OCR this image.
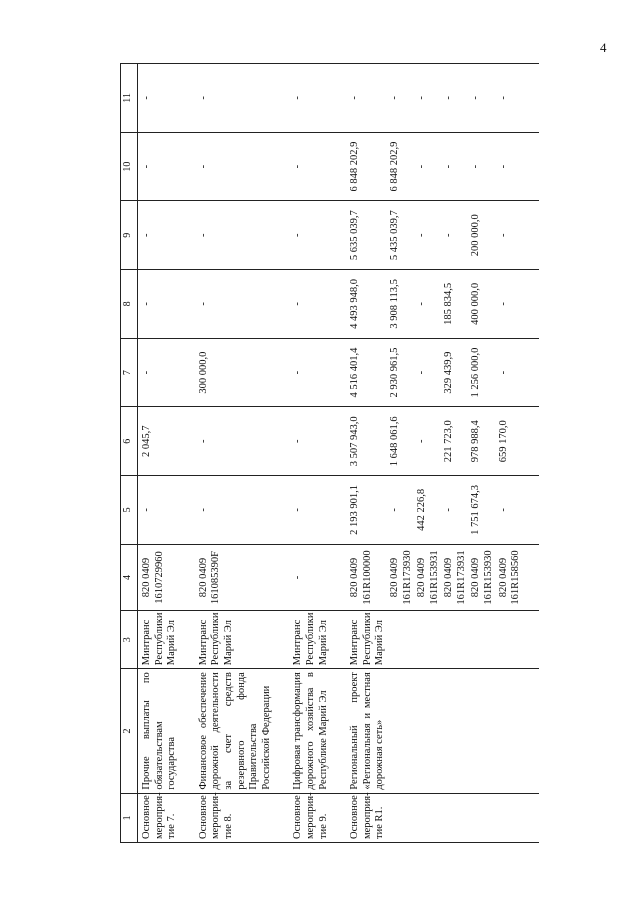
4
1	2	3	4	5	6	7	8	9	10	11
Основное мероприя-тие 7.	Прочие выплаты по обязательствам государства	Минтранс Республики Марий Эл	820 0409 1610729960	-	2 045,7	-	-	-	-	-
Основное мероприя-тие 8.	Финансовое обеспечение дорожной деятельности за счет средств резервного фонда Правительства Российской Федерации	Минтранс Республики Марий Эл	820 0409 161085390F	-	-	300 000,0	-	-	-	-
Основное мероприя-тие 9.	Цифровая трансформация дорожного хозяйства в Республике Марий Эл	Минтранс Республики Марий Эл	-	-	-	-	-	-	-	-
Основное мероприя-тие R1.	Региональный проект «Региональная и местная дорожная сеть»	Минтранс Республики Марий Эл	820 0409 161R100000	2 193 901,1	3 507 943,0	4 516 401,4	4 493 948,0	5 635 039,7	6 848 202,9	-
			820 0409 161R173930	-	1 648 061,6	2 930 961,5	3 908 113,5	5 435 039,7	6 848 202,9	-
			820 0409 161R153931	442 226,8	-	-	-	-	-	-
			820 0409 161R173931	-	221 723,0	329 439,9	185 834,5	-	-	-
			820 0409 161R153930	1 751 674,3	978 988,4	1 256 000,0	400 000,0	200 000,0	-	-
			820 0409 161R158560	-	659 170,0	-	-	-	-	-
